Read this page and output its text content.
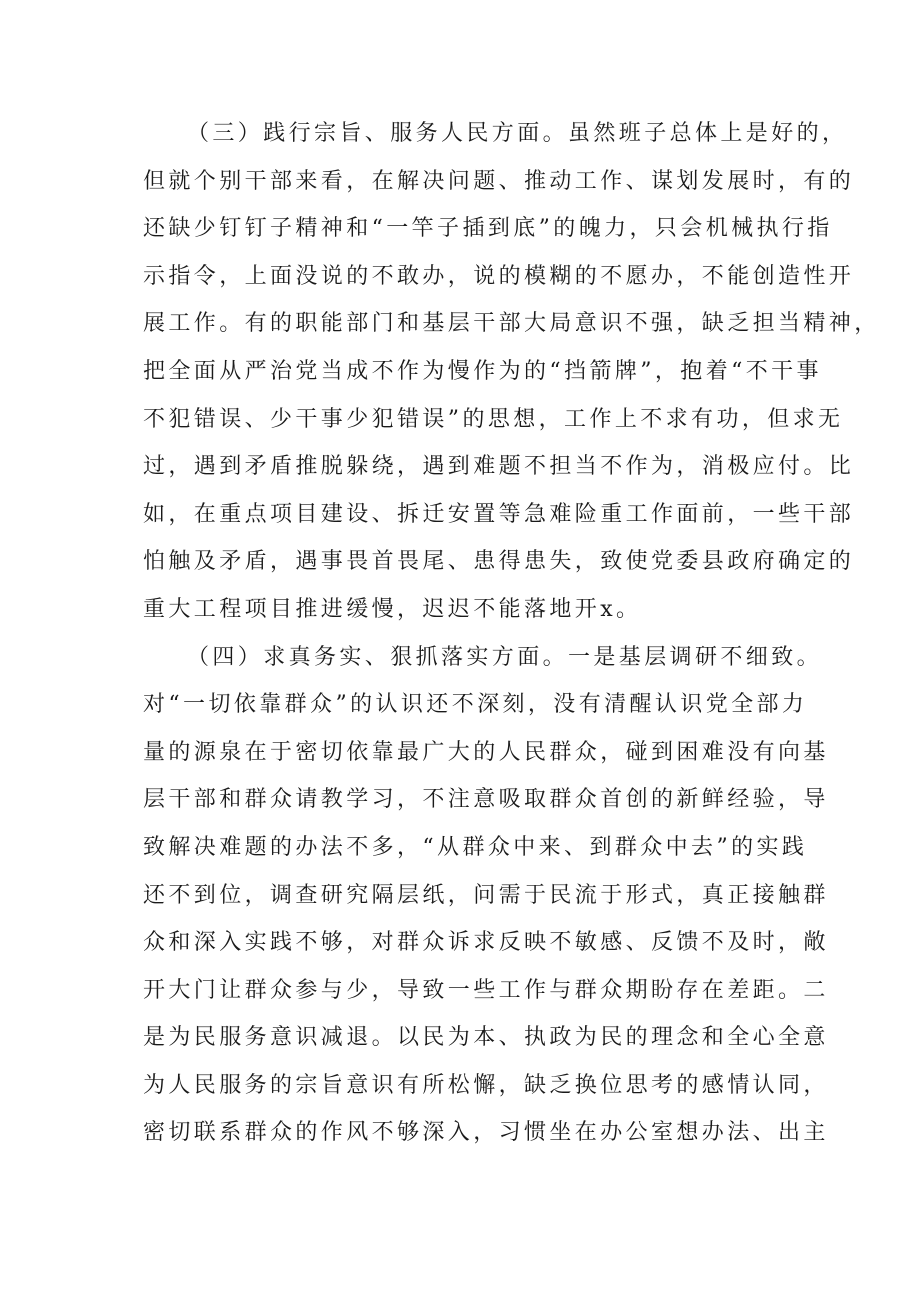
（三）践行宗旨、服务人民方面。虽然班子总体上是好的，
但就个别干部来看，在解决问题、推动工作、谋划发展时，有的
还缺少钉钉子精神和“一竿子插到底”的魄力，只会机械执行指
示指令，上面没说的不敢办，说的模糊的不愿办，不能创造性开
展工作。有的职能部门和基层干部大局意识不强，缺乏担当精神，
把全面从严治党当成不作为慢作为的“挡箭牌”，抱着“不干事
不犯错误、少干事少犯错误”的思想，工作上不求有功，但求无
过，遇到矛盾推脱躲绕，遇到难题不担当不作为，消极应付。比
如，在重点项目建设、拆迁安置等急难险重工作面前，一些干部
怕触及矛盾，遇事畏首畏尾、患得患失，致使党委县政府确定的
重大工程项目推进缓慢，迟迟不能落地开x。
（四）求真务实、狠抓落实方面。一是基层调研不细致。
对“一切依靠群众”的认识还不深刻，没有清醒认识党全部力
量的源泉在于密切依靠最广大的人民群众，碰到困难没有向基
层干部和群众请教学习，不注意吸取群众首创的新鲜经验，导
致解决难题的办法不多，“从群众中来、到群众中去”的实践
还不到位，调查研究隔层纸，问需于民流于形式，真正接触群
众和深入实践不够，对群众诉求反映不敏感、反馈不及时，敞
开大门让群众参与少，导致一些工作与群众期盼存在差距。二
是为民服务意识减退。以民为本、执政为民的理念和全心全意
为人民服务的宗旨意识有所松懈，缺乏换位思考的感情认同，
密切联系群众的作风不够深入，习惯坐在办公室想办法、出主
